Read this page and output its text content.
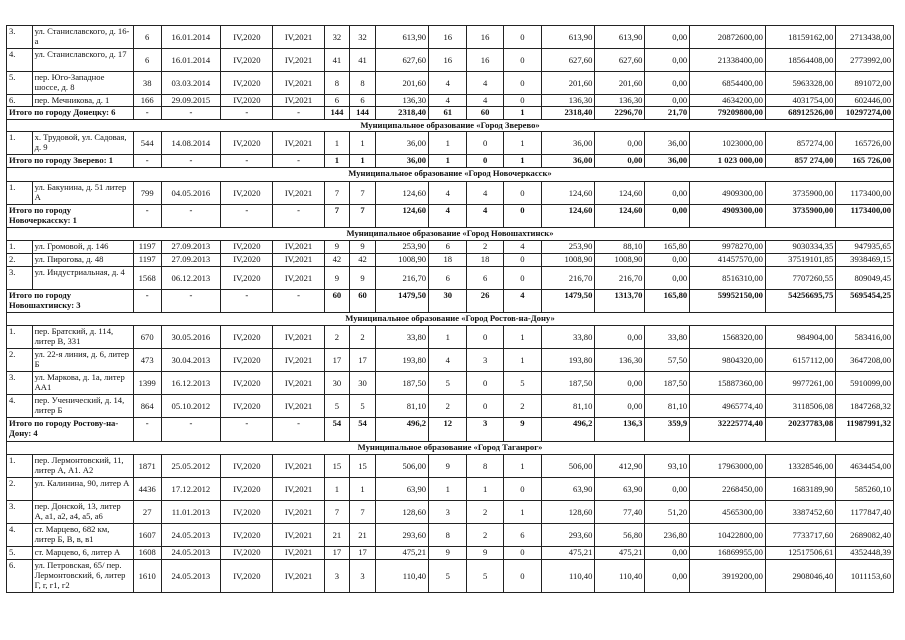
3.	ул. Станиславского, д. 16-а	6	16.01.2014	IV,2020	IV,2021	32	32	613,90	16	16	0	613,90	613,90	0,00	20872600,00	18159162,00	2713438,00
4.	ул. Станиславского, д. 17	6	16.01.2014	IV,2020	IV,2021	41	41	627,60	16	16	0	627,60	627,60	0,00	21338400,00	18564408,00	2773992,00
5.	пер. Юго-Западное шоссе, д. 8	38	03.03.2014	IV,2020	IV,2021	8	8	201,60	4	4	0	201,60	201,60	0,00	6854400,00	5963328,00	891072,00
6.	пер. Мечникова, д. 1	166	29.09.2015	IV,2020	IV,2021	6	6	136,30	4	4	0	136,30	136,30	0,00	4634200,00	4031754,00	602446,00
Итого по городу Донецку: 6		-	-	-	-	144	144	2318,40	61	60	1	2318,40	2296,70	21,70	79209800,00	68912526,00	10297274,00
Муниципальное образование «Город Зверево»																	
1.	х. Трудовой, ул. Садовая, д. 9	544	14.08.2014	IV,2020	IV,2021	1	1	36,00	1	0	1	36,00	0,00	36,00	1023000,00	857274,00	165726,00
Итого по городу Зверево: 1		-	-	-	-	1	1	36,00	1	0	1	36,00	0,00	36,00	1 023 000,00	857 274,00	165 726,00
Муниципальное образование «Город Новочеркасск»																	
1.	ул. Бакунина, д. 51 литер А	799	04.05.2016	IV,2020	IV,2021	7	7	124,60	4	4	0	124,60	124,60	0,00	4909300,00	3735900,00	1173400,00
Итого по городу Новочеркасску: 1		-	-	-	-	7	7	124,60	4	4	0	124,60	124,60	0,00	4909300,00	3735900,00	1173400,00
Муниципальное образование «Город Новошахтинск»																	
1.	ул. Громовой, д. 146	1197	27.09.2013	IV,2020	IV,2021	9	9	253,90	6	2	4	253,90	88,10	165,80	9978270,00	9030334,35	947935,65
2.	ул. Пирогова, д. 48	1197	27.09.2013	IV,2020	IV,2021	42	42	1008,90	18	18	0	1008,90	1008,90	0,00	41457570,00	37519101,85	3938469,15
3.	ул. Индустриальная, д. 4	1568	06.12.2013	IV,2020	IV,2021	9	9	216,70	6	6	0	216,70	216,70	0,00	8516310,00	7707260,55	809049,45
Итого по городу Новошахтинску: 3		-	-	-	-	60	60	1479,50	30	26	4	1479,50	1313,70	165,80	59952150,00	54256695,75	5695454,25
Муниципальное образование «Город Ростов-на-Дону»																	
1.	пер. Братский, д. 114, литер В, 331	670	30.05.2016	IV,2020	IV,2021	2	2	33,80	1	0	1	33,80	0,00	33,80	1568320,00	984904,00	583416,00
2.	ул. 22-я линия, д. 6, литер Б	473	30.04.2013	IV,2020	IV,2021	17	17	193,80	4	3	1	193,80	136,30	57,50	9804320,00	6157112,00	3647208,00
3.	ул. Маркова, д. 1а, литер АА1	1399	16.12.2013	IV,2020	IV,2021	30	30	187,50	5	0	5	187,50	0,00	187,50	15887360,00	9977261,00	5910099,00
4.	пер. Ученический, д. 14, литер Б	864	05.10.2012	IV,2020	IV,2021	5	5	81,10	2	0	2	81,10	0,00	81,10	4965774,40	3118506,08	1847268,32
Итого по городу Ростову-на-Дону: 4		-	-	-	-	54	54	496,2	12	3	9	496,2	136,3	359,9	32225774,40	20237783,08	11987991,32
Муниципальное образование «Город Таганрог»																	
1.	пер. Лермонтовский, 11, литер А, А1. А2	1871	25.05.2012	IV,2020	IV,2021	15	15	506,00	9	8	1	506,00	412,90	93,10	17963000,00	13328546,00	4634454,00
2.	ул. Калинина, 90, литер А	4436	17.12.2012	IV,2020	IV,2021	1	1	63,90	1	1	0	63,90	63,90	0,00	2268450,00	1683189,90	585260,10
3.	пер. Донской, 13, литер А, а1, а2, а4, а5, а6	27	11.01.2013	IV,2020	IV,2021	7	7	128,60	3	2	1	128,60	77,40	51,20	4565300,00	3387452,60	1177847,40
4.	ст. Марцево, 682 км, литер Б, В, в, в1	1607	24.05.2013	IV,2020	IV,2021	21	21	293,60	8	2	6	293,60	56,80	236,80	10422800,00	7733717,60	2689082,40
5.	ст. Марцево, 6, литер А	1608	24.05.2013	IV,2020	IV,2021	17	17	475,21	9	9	0	475,21	475,21	0,00	16869955,00	12517506,61	4352448,39
6.	ул. Петровская, 65/ пер. Лермонтовский, 6, литер Г, г, г1, г2	1610	24.05.2013	IV,2020	IV,2021	3	3	110,40	5	5	0	110,40	110,40	0,00	3919200,00	2908046,40	1011153,60
